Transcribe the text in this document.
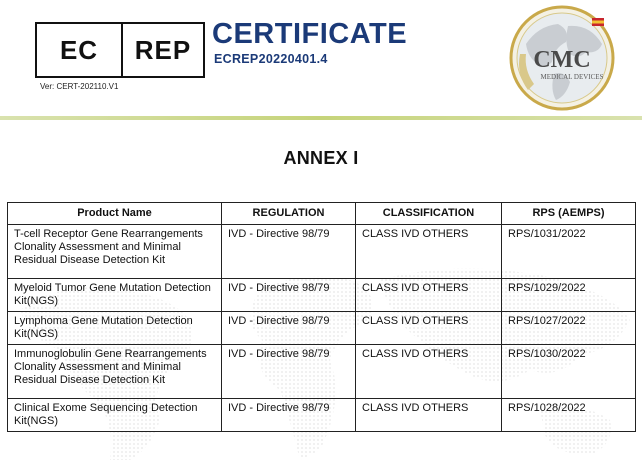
EC	REP
Ver: CERT-202110.V1
CERTIFICATE
ECREP20220401.4	CMC
MEDICAL DEVICES
ANNEX I
Product Name	REGULATION	CLASSIFICATION	RPS (AEMPS)
T-cell Receptor Gene Rearrangements Clonality Assessment and Minimal Residual Disease Detection Kit	IVD - Directive 98/79	CLASS IVD OTHERS	RPS/1031/2022
Myeloid Tumor Gene Mutation Detection Kit(NGS)	IVD - Directive 98/79	CLASS IVD OTHERS	RPS/1029/2022
Lymphoma Gene Mutation Detection Kit(NGS)	IVD - Directive 98/79	CLASS IVD OTHERS	RPS/1027/2022
Immunoglobulin Gene Rearrangements Clonality Assessment and Minimal Residual Disease Detection Kit	IVD - Directive 98/79	CLASS IVD OTHERS	RPS/1030/2022
Clinical Exome Sequencing Detection Kit(NGS)	IVD - Directive 98/79	CLASS IVD OTHERS	RPS/1028/2022
